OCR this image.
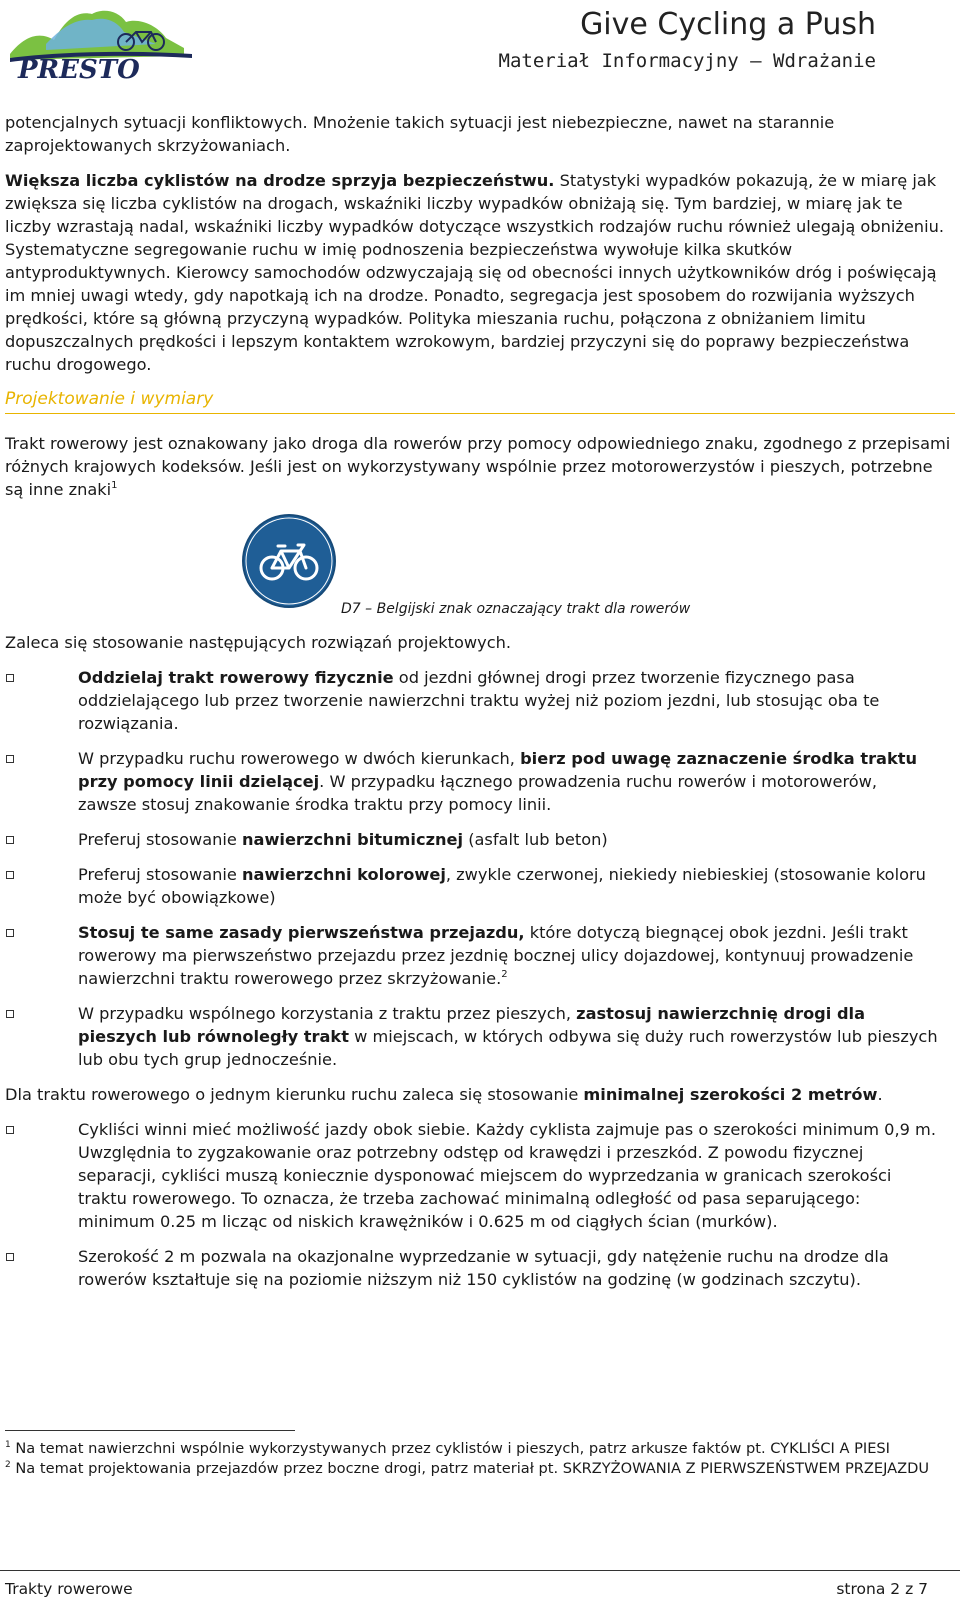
PRESTO
Give Cycling a Push
Materiał Informacyjny – Wdrażanie

potencjalnych sytuacji konfliktowych. Mnożenie takich sytuacji jest niebezpieczne, nawet na starannie zaprojektowanych skrzyżowaniach.

Większa liczba cyklistów na drodze sprzyja bezpieczeństwu. Statystyki wypadków pokazują, że w miarę jak zwiększa się liczba cyklistów na drogach, wskaźniki liczby wypadków obniżają się. Tym bardziej, w miarę jak te liczby wzrastają nadal, wskaźniki liczby wypadków dotyczące wszystkich rodzajów ruchu również ulegają obniżeniu. Systematyczne segregowanie ruchu w imię podnoszenia bezpieczeństwa wywołuje kilka skutków antyproduktywnych. Kierowcy samochodów odzwyczajają się od obecności innych użytkowników dróg i poświęcają im mniej uwagi wtedy, gdy napotkają ich na drodze. Ponadto, segregacja jest sposobem do rozwijania wyższych prędkości, które są główną przyczyną wypadków. Polityka mieszania ruchu, połączona z obniżaniem limitu dopuszczalnych prędkości i lepszym kontaktem wzrokowym, bardziej przyczyni się do poprawy bezpieczeństwa ruchu drogowego.

Projektowanie i wymiary

Trakt rowerowy jest oznakowany jako droga dla rowerów przy pomocy odpowiedniego znaku, zgodnego z przepisami różnych krajowych kodeksów. Jeśli jest on wykorzystywany wspólnie przez motorowerzystów i pieszych, potrzebne są inne znaki$^1$

D7 – Belgijski znak oznaczający trakt dla rowerów

Zaleca się stosowanie następujących rozwiązań projektowych.

Oddzielaj trakt rowerowy fizycznie od jezdni głównej drogi przez tworzenie fizycznego pasa oddzielającego lub przez tworzenie nawierzchni traktu wyżej niż poziom jezdni, lub stosując oba te rozwiązania.
W przypadku ruchu rowerowego w dwóch kierunkach, bierz pod uwagę zaznaczenie środka traktu przy pomocy linii dzielącej. W przypadku łącznego prowadzenia ruchu rowerów i motorowerów, zawsze stosuj znakowanie środka traktu przy pomocy linii.
Preferuj stosowanie nawierzchni bitumicznej (asfalt lub beton)
Preferuj stosowanie nawierzchni kolorowej, zwykle czerwonej, niekiedy niebieskiej (stosowanie koloru może być obowiązkowe)
Stosuj te same zasady pierwszeństwa przejazdu, które dotyczą biegnącej obok jezdni. Jeśli trakt rowerowy ma pierwszeństwo przejazdu przez jezdnię bocznej ulicy dojazdowej, kontynuuj prowadzenie nawierzchni traktu rowerowego przez skrzyżowanie.$^2$
W przypadku wspólnego korzystania z traktu przez pieszych, zastosuj nawierzchnię drogi dla pieszych lub równoległy trakt w miejscach, w których odbywa się duży ruch rowerzystów lub pieszych lub obu tych grup jednocześnie.

Dla traktu rowerowego o jednym kierunku ruchu zaleca się stosowanie minimalnej szerokości 2 metrów.

Cykliści winni mieć możliwość jazdy obok siebie. Każdy cyklista zajmuje pas o szerokości minimum 0,9 m. Uwzględnia to zygzakowanie oraz potrzebny odstęp od krawędzi i przeszkód. Z powodu fizycznej separacji, cykliści muszą koniecznie dysponować miejscem do wyprzedzania w granicach szerokości traktu rowerowego. To oznacza, że trzeba zachować minimalną odległość od pasa separującego: minimum 0.25 m licząc od niskich krawężników i 0.625 m od ciągłych ścian (murków).
Szerokość 2 m pozwala na okazjonalne wyprzedzanie w sytuacji, gdy natężenie ruchu na drodze dla rowerów kształtuje się na poziomie niższym niż 150 cyklistów na godzinę (w godzinach szczytu).

$^1$ Na temat nawierzchni wspólnie wykorzystywanych przez cyklistów i pieszych, patrz arkusze faktów pt. CYKLIŚCI A PIESI

$^2$ Na temat projektowania przejazdów przez boczne drogi, patrz materiał pt. SKRZYŻOWANIA Z PIERWSZEŃSTWEM PRZEJAZDU

Trakty rowerowe	strona 2 z 7
